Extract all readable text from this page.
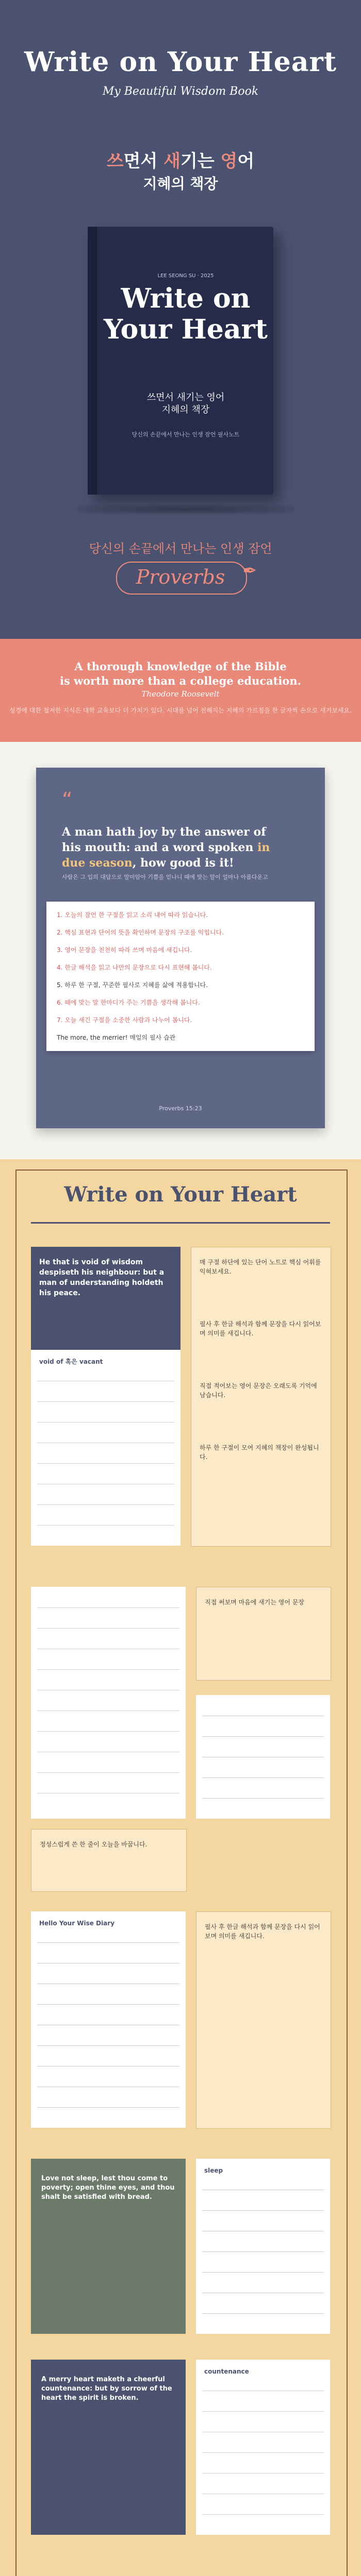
Write on Your Heart
My Beautiful Wisdom Book
쓰면서 새기는 영어
지혜의 책장
LEE SEONG SU · 2025
Write on Your Heart
쓰면서 새기는 영어
지혜의 책장
당신의 손끝에서 만나는 인생 잠언 필사노트
당신의 손끝에서 만나는 인생 잠언
Proverbs ✒
A thorough knowledge of the Bible
is worth more than a college education.
Theodore Roosevelt
성경에 대한 철저한 지식은 대학 교육보다 더 가치가 있다. 시대를 넘어 전해지는 지혜의 가르침을 한 글자씩 손으로 새겨보세요.
“
A man hath joy by the answer of his mouth: and a word spoken in due season, how good is it!
사람은 그 입의 대답으로 말미암아 기쁨을 얻나니 때에 맞는 말이 얼마나 아름다운고
1. 오늘의 잠언 한 구절을 읽고 소리 내어 따라 읽습니다.
2. 핵심 표현과 단어의 뜻을 확인하며 문장의 구조를 익힙니다.
3. 영어 문장을 천천히 따라 쓰며 마음에 새깁니다.
4. 한글 해석을 읽고 나만의 문장으로 다시 표현해 봅니다.
5. 하루 한 구절, 꾸준한 필사로 지혜를 삶에 적용합니다.
6. 때에 맞는 말 한마디가 주는 기쁨을 생각해 봅니다.
7. 오늘 새긴 구절을 소중한 사람과 나누어 봅니다.
The more, the merrier! 매일의 필사 습관
Proverbs 15:23
Write on Your Heart
He that is void of wisdom despiseth his neighbour: but a man of understanding holdeth his peace.
void of 혹은 vacant
매 구절 하단에 있는 단어 노트로 핵심 어휘를 익혀보세요.
필사 후 한글 해석과 함께 문장을 다시 읽어보며 의미를 새깁니다.
직접 적어보는 영어 문장은 오래도록 기억에 남습니다.
하루 한 구절이 모여 지혜의 책장이 완성됩니다.
직접 써보며 마음에 새기는 영어 문장
정성스럽게 쓴 한 줄이 오늘을 바꿉니다.
Hello Your Wise Diary	필사 후 한글 해석과 함께 문장을 다시 읽어보며 의미를 새깁니다.
Love not sleep, lest thou come to poverty; open thine eyes, and thou shalt be satisfied with bread.
sleep
A merry heart maketh a cheerful countenance: but by sorrow of the heart the spirit is broken.
countenance
